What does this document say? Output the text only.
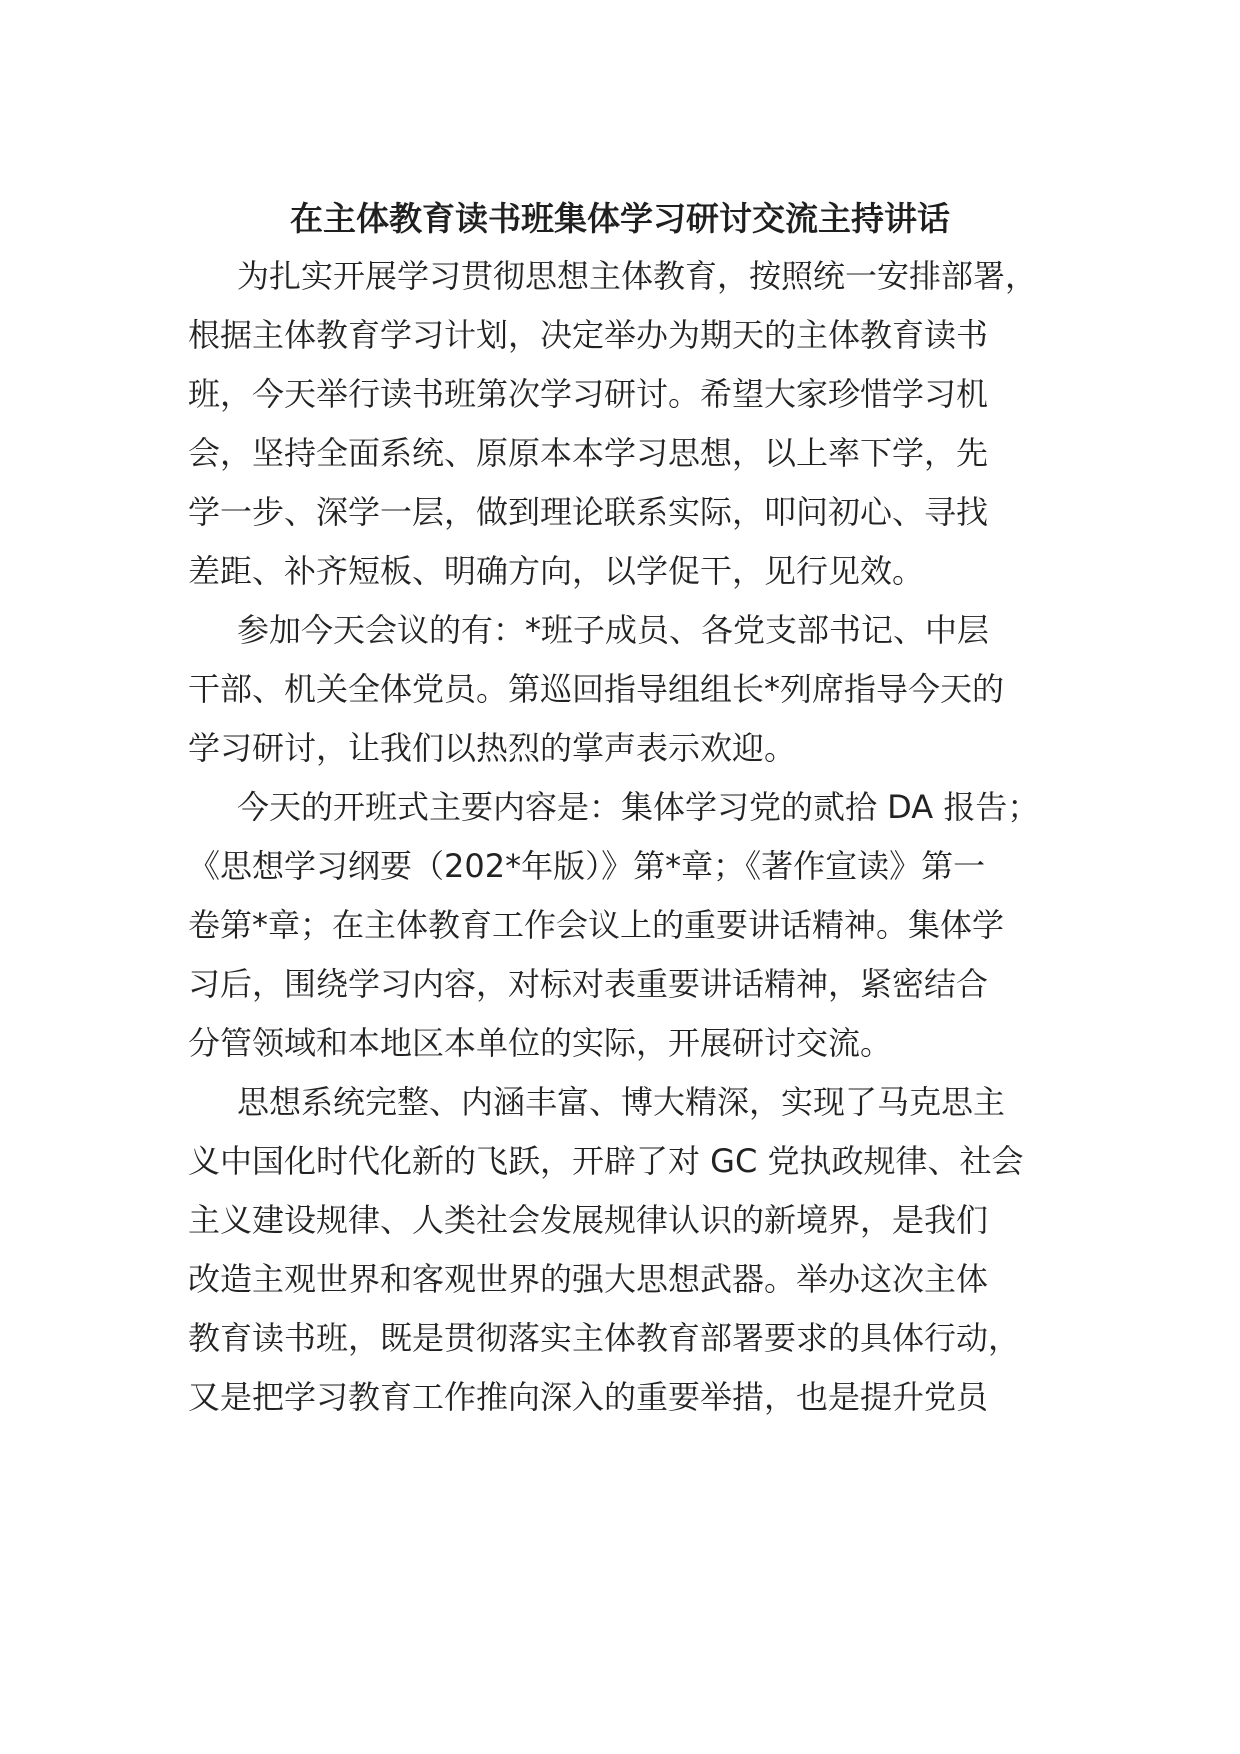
在主体教育读书班集体学习研讨交流主持讲话
为扎实开展学习贯彻思想主体教育，按照统一安排部署，
根据主体教育学习计划，决定举办为期天的主体教育读书
班，今天举行读书班第次学习研讨。希望大家珍惜学习机
会，坚持全面系统、原原本本学习思想，以上率下学，先
学一步、深学一层，做到理论联系实际，叩问初心、寻找
差距、补齐短板、明确方向，以学促干，见行见效。
参加今天会议的有：*班子成员、各党支部书记、中层
干部、机关全体党员。第巡回指导组组长*列席指导今天的
学习研讨，让我们以热烈的掌声表示欢迎。
今天的开班式主要内容是：集体学习党的贰拾 DA 报告；
《思想学习纲要（202*年版）》第*章；《著作宣读》第一
卷第*章；在主体教育工作会议上的重要讲话精神。集体学
习后，围绕学习内容，对标对表重要讲话精神，紧密结合
分管领域和本地区本单位的实际，开展研讨交流。
思想系统完整、内涵丰富、博大精深，实现了马克思主
义中国化时代化新的飞跃，开辟了对 GC 党执政规律、社会
主义建设规律、人类社会发展规律认识的新境界，是我们
改造主观世界和客观世界的强大思想武器。举办这次主体
教育读书班，既是贯彻落实主体教育部署要求的具体行动，
又是把学习教育工作推向深入的重要举措，也是提升党员
